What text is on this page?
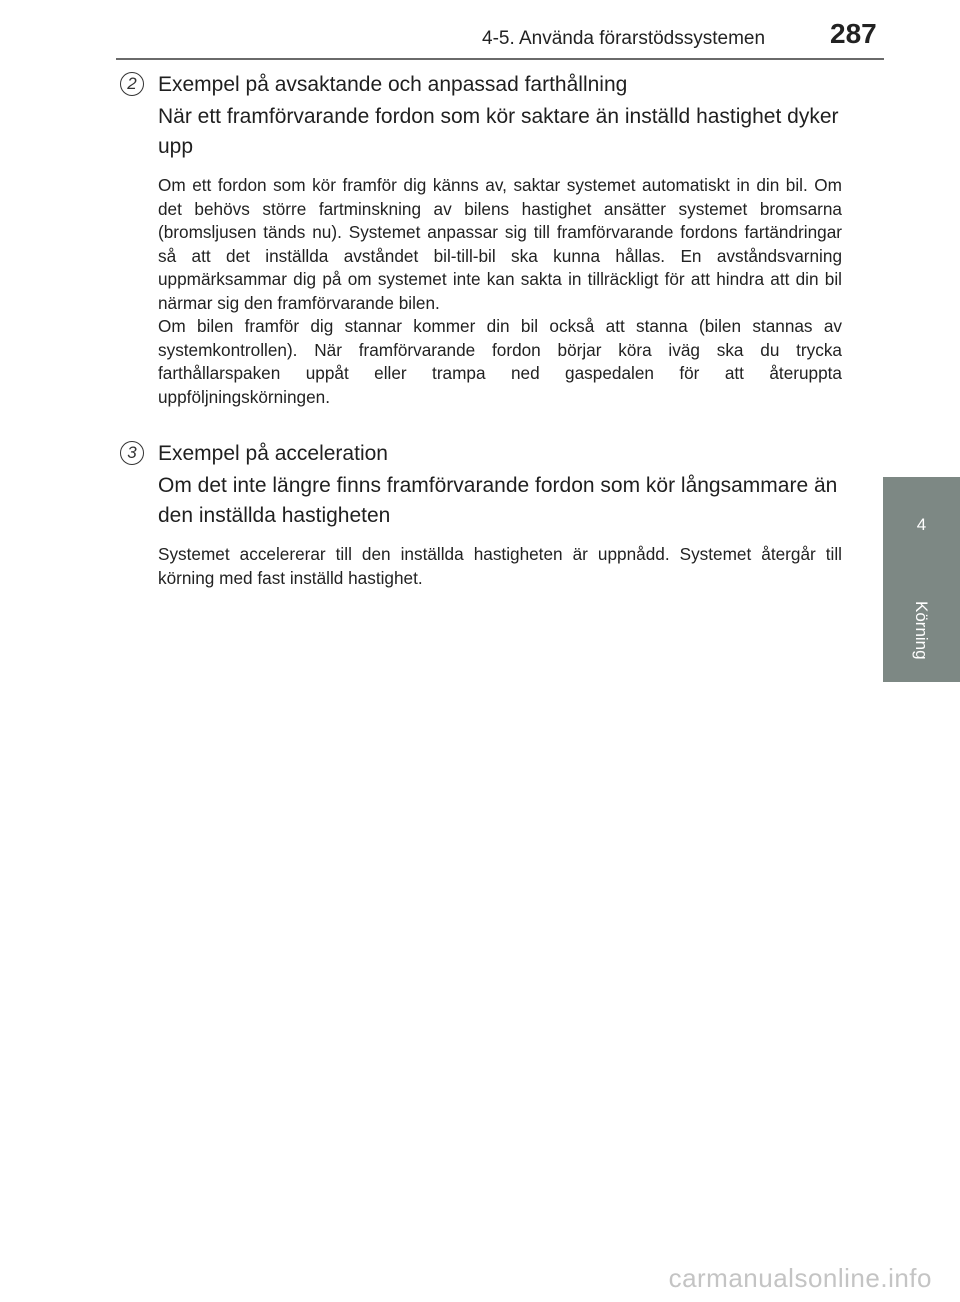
4-5. Använda förarstödssystemen 287
4
Körning
2	Exempel på avsaktande och anpassad farthållning
När ett framförvarande fordon som kör saktare än inställd hastighet dyker upp

Om ett fordon som kör framför dig känns av, saktar systemet automatiskt in din bil. Om det behövs större fartminskning av bilens hastighet ansätter systemet bromsarna (bromsljusen tänds nu). Systemet anpassar sig till framförvarande fordons fartändringar så att det inställda avståndet bil-till-bil ska kunna hållas. En avståndsvarning uppmärksammar dig på om systemet inte kan sakta in tillräckligt för att hindra att din bil närmar sig den framförvarande bilen.

Om bilen framför dig stannar kommer din bil också att stanna (bilen stannas av systemkontrollen). När framförvarande fordon börjar köra iväg ska du trycka farthållarspaken uppåt eller trampa ned gaspedalen för att återuppta uppföljningskörningen.

3	Exempel på acceleration
Om det inte längre finns framförvarande fordon som kör långsammare än den inställda hastigheten

Systemet accelererar till den inställda hastigheten är uppnådd. Systemet återgår till körning med fast inställd hastighet.

carmanualsonline.info
